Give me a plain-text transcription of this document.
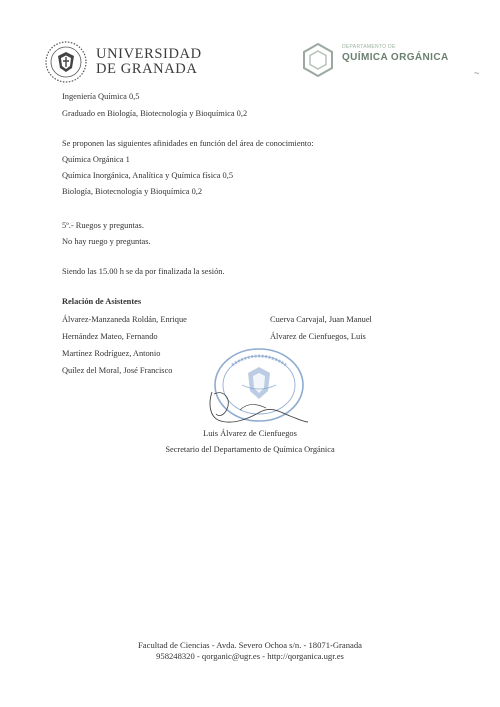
UNIVERSIDAD
DE GRANADA
DEPARTAMENTO DE
QUÍMICA ORGÁNICA
~
Ingeniería Química 0,5
Graduado en Biología, Biotecnología y Bioquímica 0,2
Se proponen las siguientes afinidades en función del área de conocimiento:
Química Orgánica 1
Química Inorgánica, Analítica y Química física 0,5
Biología, Biotecnología y Bioquímica 0,2
5º.- Ruegos y preguntas.
No hay ruego y preguntas.
Siendo las 15.00 h se da por finalizada la sesión.
Relación de Asistentes
Álvarez-Manzaneda Roldán, Enrique
Hernández Mateo, Fernando
Martínez Rodríguez, Antonio
Quílez del Moral, José Francisco
Cuerva Carvajal, Juan Manuel
Álvarez de Cienfuegos, Luis
Luis Álvarez de Cienfuegos
Secretario del Departamento de Química Orgánica
Facultad de Ciencias - Avda. Severo Ochoa s/n. - 18071-Granada
958248320 - qorganic@ugr.es - http://qorganica.ugr.es
